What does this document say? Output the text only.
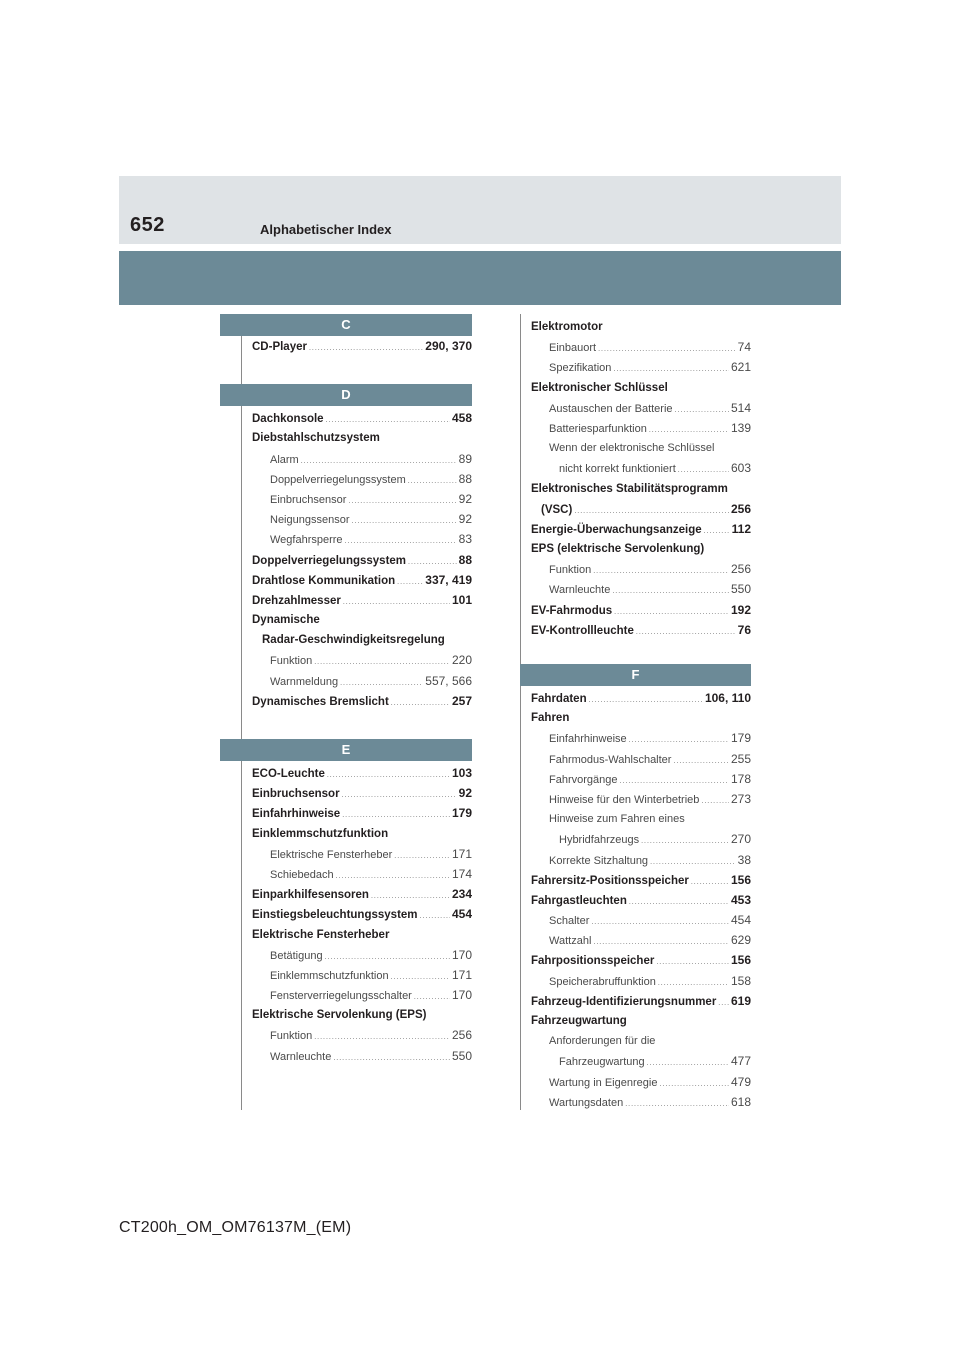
652	Alphabetischer Index
C
CD-Player .....	290, 370
D
Dachkonsole .....	458
Diebstahlschutzsystem
Alarm .....	89
Doppelverriegelungssystem .....	88
Einbruchsensor .....	92
Neigungssensor .....	92
Wegfahrsperre .....	83
Doppelverriegelungssystem .....	88
Drahtlose Kommunikation .....	337, 419
Drehzahlmesser .....	101
Dynamische
Radar-Geschwindigkeitsregelung
Funktion .....	220
Warnmeldung .....	557, 566
Dynamisches Bremslicht .....	257
E
ECO-Leuchte .....	103
Einbruchsensor .....	92
Einfahrhinweise .....	179
Einklemmschutzfunktion
Elektrische Fensterheber .....	171
Schiebedach .....	174
Einparkhilfesensoren .....	234
Einstiegsbeleuchtungssystem .....	454
Elektrische Fensterheber
Betätigung .....	170
Einklemmschutzfunktion .....	171
Fensterverriegelungsschalter .....	170
Elektrische Servolenkung (EPS)
Funktion .....	256
Warnleuchte .....	550
Elektromotor
Einbauort .....	74
Spezifikation .....	621
Elektronischer Schlüssel
Austauschen der Batterie .....	514
Batteriesparfunktion .....	139
Wenn der elektronische Schlüssel
nicht korrekt funktioniert .....	603
Elektronisches Stabilitätsprogramm
(VSC) .....	256
Energie-Überwachungsanzeige .....	112
EPS (elektrische Servolenkung)
Funktion .....	256
Warnleuchte .....	550
EV-Fahrmodus .....	192
EV-Kontrollleuchte .....	76
F
Fahrdaten .....	106, 110
Fahren
Einfahrhinweise .....	179
Fahrmodus-Wahlschalter .....	255
Fahrvorgänge .....	178
Hinweise für den Winterbetrieb .....	273
Hinweise zum Fahren eines
Hybridfahrzeugs .....	270
Korrekte Sitzhaltung .....	38
Fahrersitz-Positionsspeicher .....	156
Fahrgastleuchten .....	453
Schalter .....	454
Wattzahl .....	629
Fahrpositionsspeicher .....	156
Speicherabruffunktion .....	158
Fahrzeug-Identifizierungsnummer ..... 619
Fahrzeugwartung
Anforderungen für die
Fahrzeugwartung .....	477
Wartung in Eigenregie .....	479
Wartungsdaten .....	618
CT200h_OM_OM76137M_(EM)
